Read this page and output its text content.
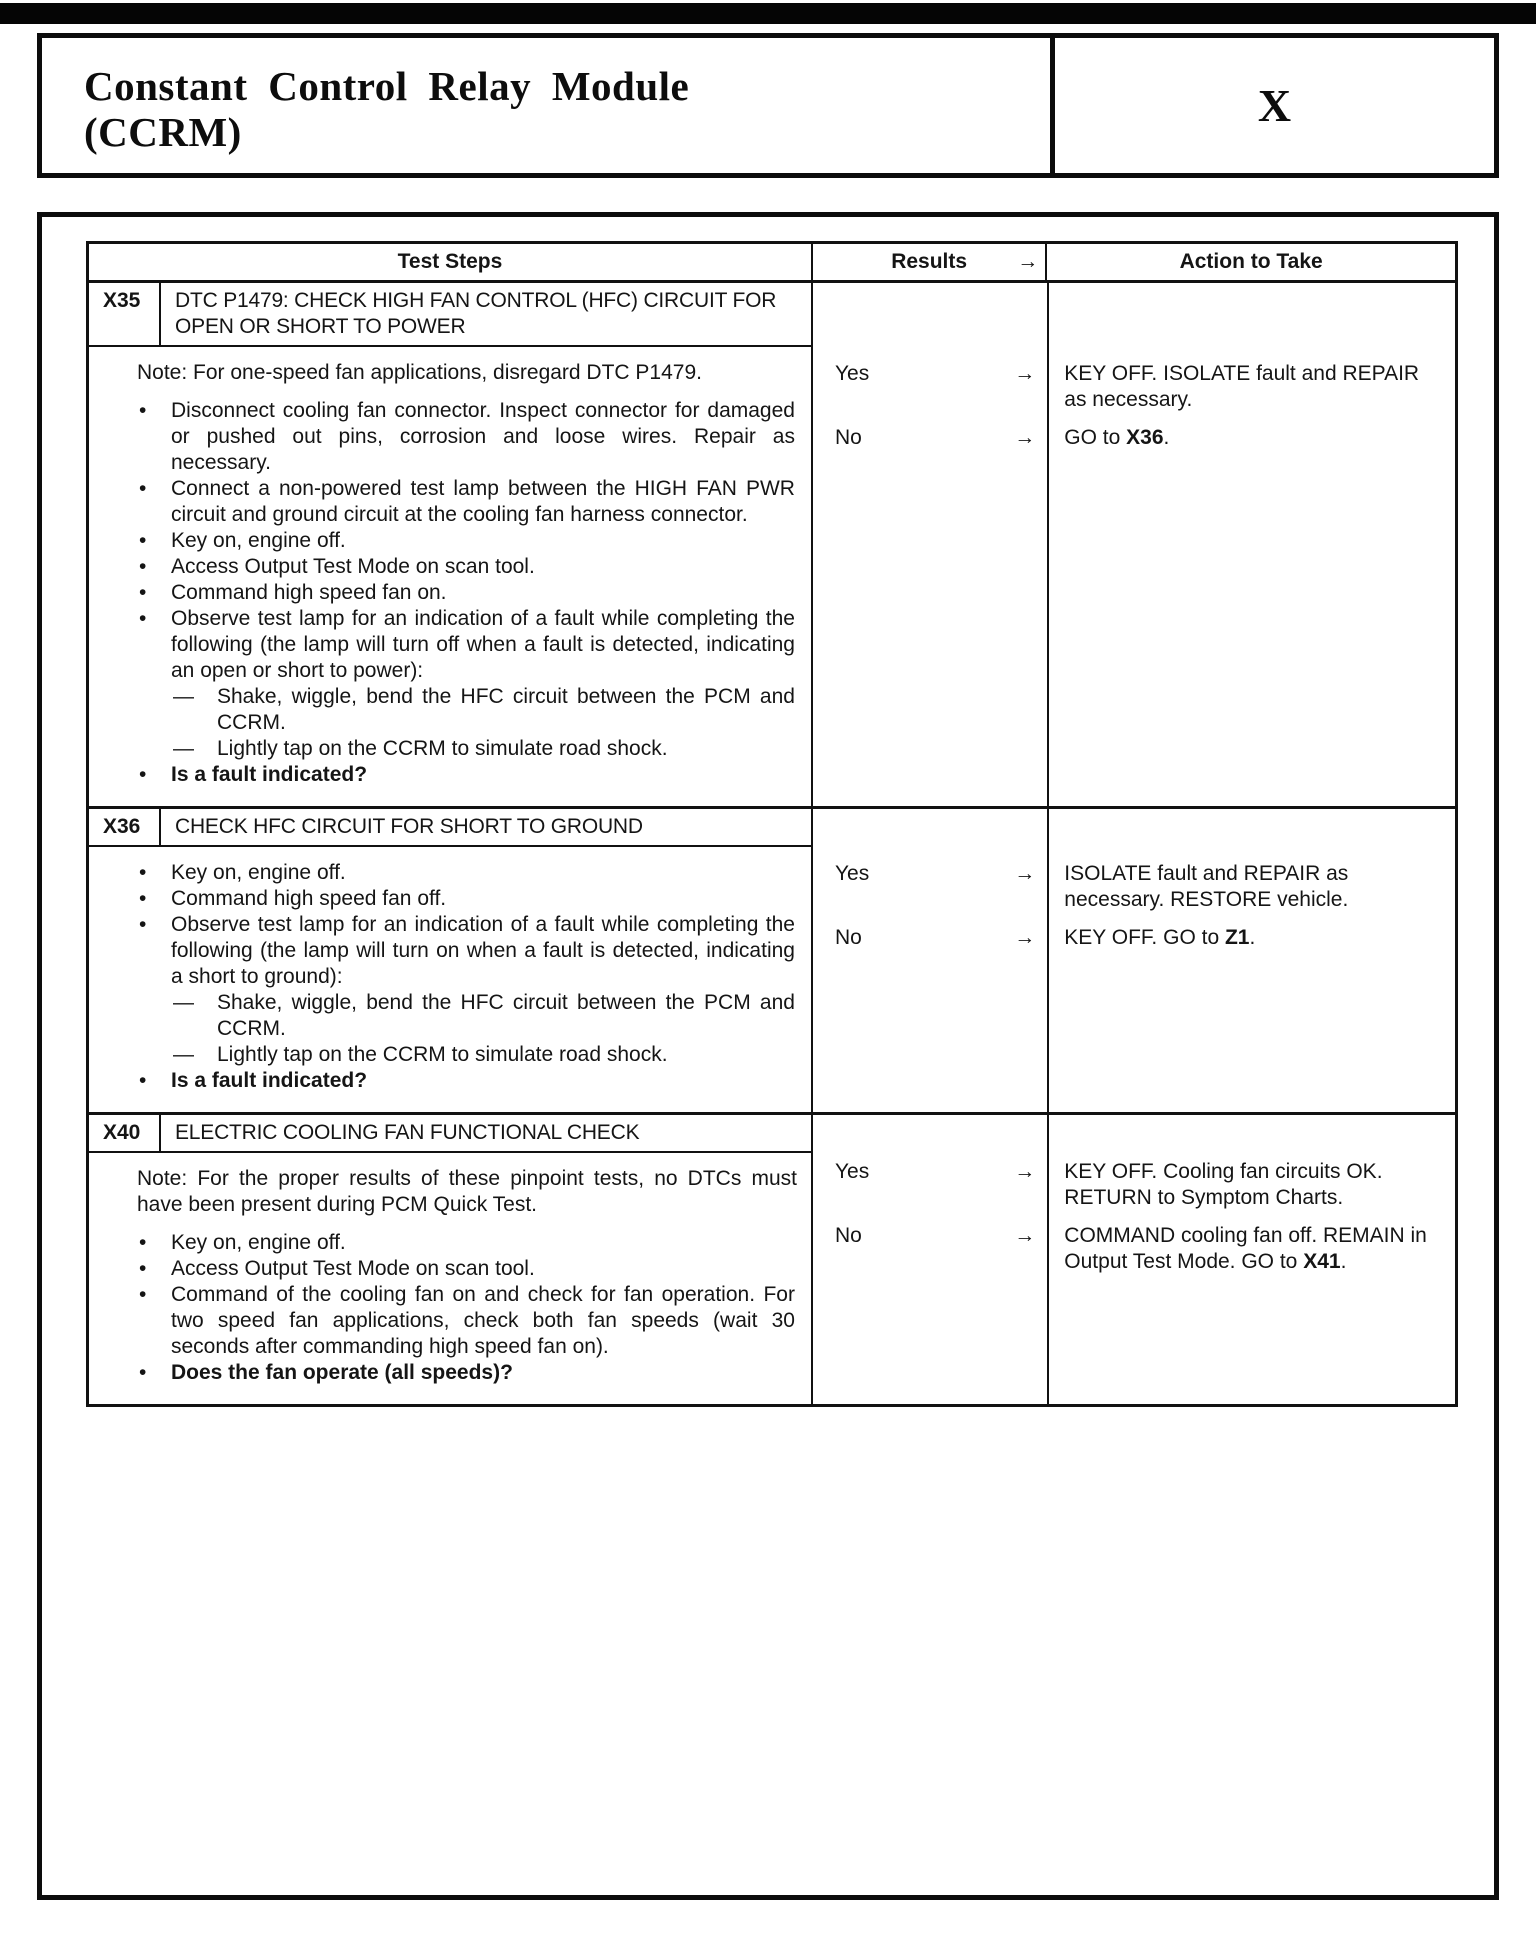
Constant Control Relay Module
(CCRM)
X
Test Steps	Results →	Action to Take
X35	DTC P1479: CHECK HIGH FAN CONTROL (HFC) CIRCUIT FOR OPEN OR SHORT TO POWER
Note: For one-speed fan applications, disregard DTC P1479.
•	Disconnect cooling fan connector. Inspect connector for damaged or pushed out pins, corrosion and loose wires. Repair as necessary.
•	Connect a non-powered test lamp between the HIGH FAN PWR circuit and ground circuit at the cooling fan harness connector.
•	Key on, engine off.
•	Access Output Test Mode on scan tool.
•	Command high speed fan on.
•	Observe test lamp for an indication of a fault while completing the following (the lamp will turn off when a fault is detected, indicating an open or short to power):
—	Shake, wiggle, bend the HFC circuit between the PCM and CCRM.
—	Lightly tap on the CCRM to simulate road shock.
•	Is a fault indicated?
Yes	→	KEY OFF. ISOLATE fault and REPAIR as necessary.
No	→	GO to X36.
X36	CHECK HFC CIRCUIT FOR SHORT TO GROUND
•	Key on, engine off.
•	Command high speed fan off.
•	Observe test lamp for an indication of a fault while completing the following (the lamp will turn on when a fault is detected, indicating a short to ground):
—	Shake, wiggle, bend the HFC circuit between the PCM and CCRM.
—	Lightly tap on the CCRM to simulate road shock.
•	Is a fault indicated?
Yes	→	ISOLATE fault and REPAIR as necessary. RESTORE vehicle.
No	→	KEY OFF. GO to Z1.
X40	ELECTRIC COOLING FAN FUNCTIONAL CHECK
Note: For the proper results of these pinpoint tests, no DTCs must have been present during PCM Quick Test.
•	Key on, engine off.
•	Access Output Test Mode on scan tool.
•	Command of the cooling fan on and check for fan operation. For two speed fan applications, check both fan speeds (wait 30 seconds after commanding high speed fan on).
•	Does the fan operate (all speeds)?
Yes	→	KEY OFF. Cooling fan circuits OK. RETURN to Symptom Charts.
No	→	COMMAND cooling fan off. REMAIN in Output Test Mode. GO to X41.
